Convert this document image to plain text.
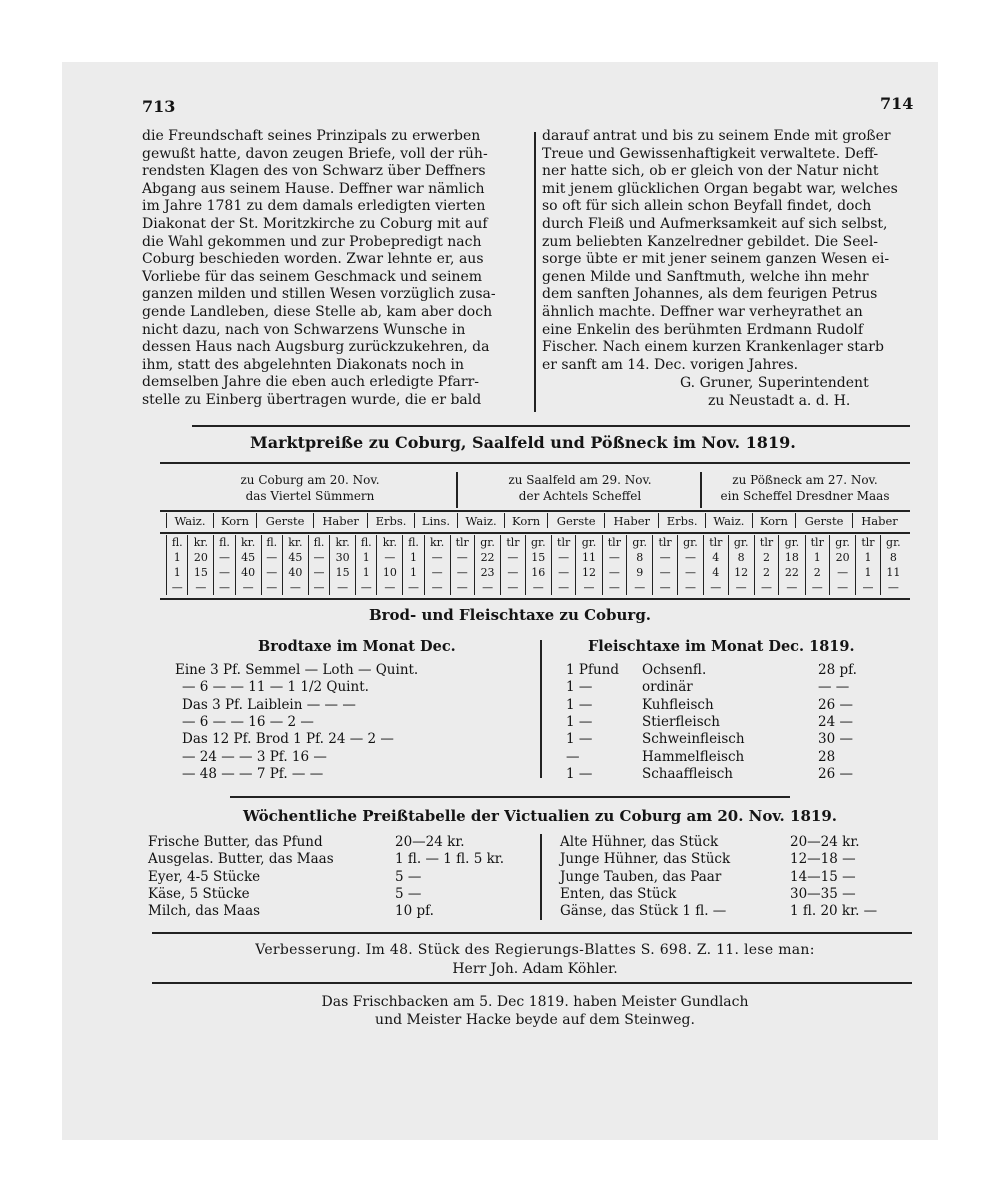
713	714

die Freundschaft seines Prinzipals zu erwerben

gewußt hatte, davon zeugen Briefe, voll der rüh-

rendsten Klagen des von Schwarz über Deffners

Abgang aus seinem Hause. Deffner war nämlich

im Jahre 1781 zu dem damals erledigten vierten

Diakonat der St. Moritzkirche zu Coburg mit auf

die Wahl gekommen und zur Probepredigt nach

Coburg beschieden worden. Zwar lehnte er, aus

Vorliebe für das seinem Geschmack und seinem

ganzen milden und stillen Wesen vorzüglich zusa-

gende Landleben, diese Stelle ab, kam aber doch

nicht dazu, nach von Schwarzens Wunsche in

dessen Haus nach Augsburg zurückzukehren, da

ihm, statt des abgelehnten Diakonats noch in

demselben Jahre die eben auch erledigte Pfarr-

stelle zu Einberg übertragen wurde, die er bald

darauf antrat und bis zu seinem Ende mit großer

Treue und Gewissenhaftigkeit verwaltete. Deff-

ner hatte sich, ob er gleich von der Natur nicht

mit jenem glücklichen Organ begabt war, welches

so oft für sich allein schon Beyfall findet, doch

durch Fleiß und Aufmerksamkeit auf sich selbst,

zum beliebten Kanzelredner gebildet. Die Seel-

sorge übte er mit jener seinem ganzen Wesen ei-

genen Milde und Sanftmuth, welche ihn mehr

dem sanften Johannes, als dem feurigen Petrus

ähnlich machte. Deffner war verheyrathet an

eine Enkelin des berühmten Erdmann Rudolf

Fischer. Nach einem kurzen Krankenlager starb

er sanft am 14. Dec. vorigen Jahres.

G. Gruner, Superintendent
zu Neustadt a. d. H.
Marktpreiße zu Coburg, Saalfeld und Pößneck im Nov. 1819.
zu Coburg am 20. Nov.
das Viertel Sümmern
zu Saalfeld am 29. Nov.
der Achtels Scheffel
zu Pößneck am 27. Nov.
ein Scheffel Dresdner Maas
Waiz.	Korn	Gerste	Haber	Erbs.	Lins.	Waiz.	Korn	Gerste	Haber	Erbs.	Waiz.	Korn	Gerste	Haber
fl.	kr.	fl.	kr.	fl.	kr.	fl.	kr.	fl.	kr.	fl.	kr.	tlr	gr.	tlr	gr.	tlr	gr.	tlr	gr.	tlr	gr.	tlr	gr.	tlr	gr.	tlr	gr.	tlr	gr.
1	20	—	45	—	45	—	30	1	—	1	—	—	22	—	15	—	11	—	8	—	—	4	8	2	18	1	20	1	8
1	15	—	40	—	40	—	15	1	10	1	—	—	23	—	16	—	12	—	9	—	—	4	12	2	22	2	—	1	11
—	—	—	—	—	—	—	—	—	—	—	—	—	—	—	—	—	—	—	—	—	—	—	—	—	—	—	—	—	—
Brod- und Fleischtaxe zu Coburg.
Brodtaxe im Monat Dec.
Eine 3 Pf. Semmel — Loth — Quint.
— 6 — — 11 — 1 1/2 Quint.
Das 3 Pf. Laiblein — — —
— 6 — — 16 — 2 —
Das 12 Pf. Brod 1 Pf. 24 — 2 —
— 24 — — 3 Pf. 16 —
— 48 — — 7 Pf. — —
Fleischtaxe im Monat Dec. 1819.
1 Pfund Ochsenfl.	28 pf.
1 —	ordinär	— —
1 —	Kuhfleisch	26 —
1 —	Stierfleisch	24 —
1 —	Schweinfleisch	30 —
—	Hammelfleisch	28
1 —	Schaaffleisch	26 —
Wöchentliche Preißtabelle der Victualien zu Coburg am 20. Nov. 1819.
Frische Butter, das Pfund	20—24 kr.
Ausgelas. Butter, das Maas	1 fl. — 1 fl. 5 kr.
Eyer, 4-5 Stücke	5 —
Käse, 5 Stücke	5 —
Milch, das Maas	10 pf.
Alte Hühner, das Stück	20—24 kr.
Junge Hühner, das Stück	12—18 —
Junge Tauben, das Paar	14—15 —
Enten, das Stück	30—35 —
Gänse, das Stück 1 fl. —	1 fl. 20 kr. —
Verbesserung. Im 48. Stück des Regierungs-Blattes S. 698. Z. 11. lese man:
Herr Joh. Adam Köhler.
Das Frischbacken am 5. Dec 1819. haben Meister Gundlach
und Meister Hacke beyde auf dem Steinweg.
